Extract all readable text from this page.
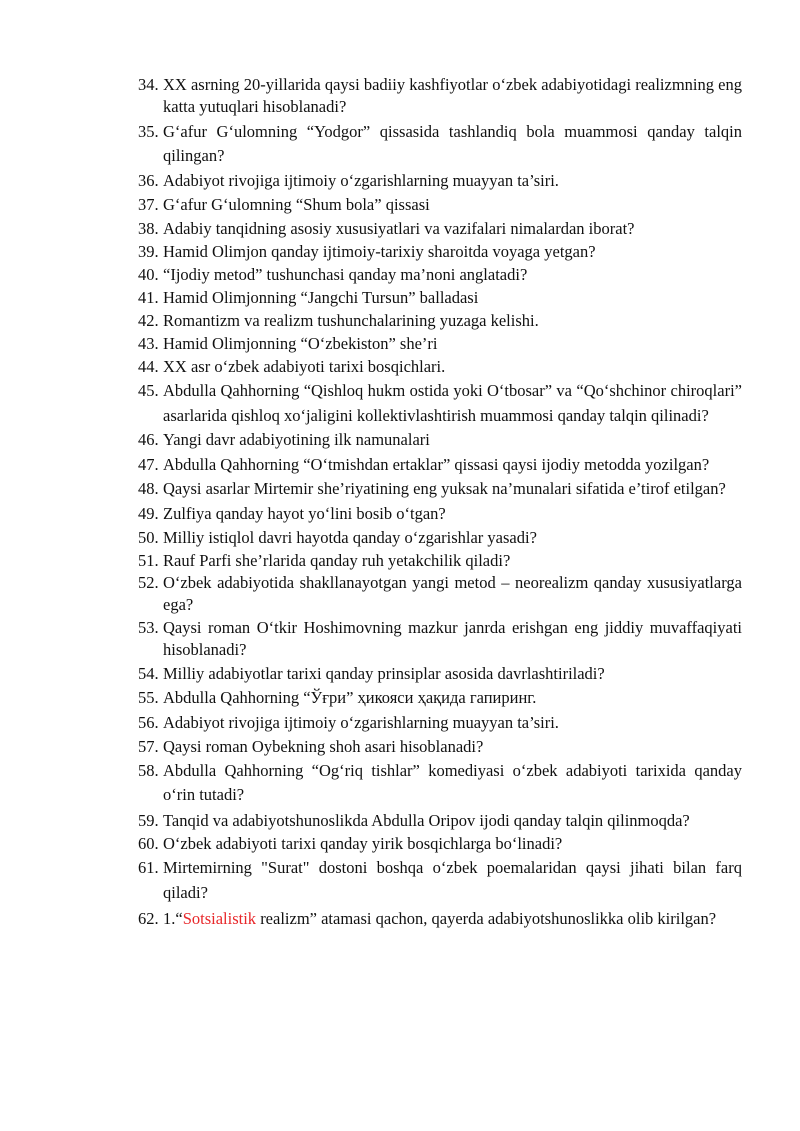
34. XX asrning 20-yillarida qaysi badiiy kashfiyotlar o‘zbek adabiyotidagi realizmning eng katta yutuqlari hisoblanadi?
35. G‘afur G‘ulomning “Yodgor” qissasida tashlandiq bola muammosi qanday talqin qilingan?
36. Adabiyot rivojiga ijtimoiy o‘zgarishlarning muayyan ta’siri.
37. G‘afur G‘ulomning “Shum bola” qissasi
38. Adabiy tanqidning asosiy xususiyatlari va vazifalari nimalardan iborat?
39. Hamid Olimjon qanday ijtimoiy-tarixiy sharoitda voyaga yetgan?
40. “Ijodiy metod” tushunchasi qanday ma’noni anglatadi?
41. Hamid Olimjonning “Jangchi Tursun” balladasi
42. Romantizm va realizm tushunchalarining yuzaga kelishi.
43. Hamid Olimjonning “O‘zbekiston” she’ri
44. XX asr o‘zbek adabiyoti tarixi bosqichlari.
45. Abdulla Qahhorning “Qishloq hukm ostida yoki O‘tbosar” va “Qo‘shchinor chiroqlari” asarlarida qishloq xo‘jaligini kollektivlashtirish muammosi qanday talqin qilinadi?
46. Yangi davr adabiyotining ilk namunalari
47. Abdulla Qahhorning “O‘tmishdan ertaklar” qissasi qaysi ijodiy metodda yozilgan?
48. Qaysi asarlar Mirtemir she’riyatining eng yuksak na’munalari sifatida e’tirof etilgan?
49. Zulfiya qanday hayot yo‘lini bosib o‘tgan?
50. Milliy istiqlol davri hayotda qanday o‘zgarishlar yasadi?
51. Rauf Parfi she’rlarida qanday ruh yetakchilik qiladi?
52. O‘zbek adabiyotida shakllanayotgan yangi metod – neorealizm qanday xususiyatlarga ega?
53. Qaysi roman O‘tkir Hoshimovning mazkur janrda erishgan eng jiddiy muvaffaqiyati hisoblanadi?
54. Milliy adabiyotlar tarixi qanday prinsiplar asosida davrlashtiriladi?
55. Abdulla Qahhorning “Ўғри” ҳикояси ҳақида гапиринг.
56. Adabiyot rivojiga ijtimoiy o‘zgarishlarning muayyan ta’siri.
57. Qaysi roman Oybekning shoh asari hisoblanadi?
58. Abdulla Qahhorning “Og‘riq tishlar” komediyasi o‘zbek adabiyoti tarixida qanday o‘rin tutadi?
59. Tanqid va adabiyotshunoslikda Abdulla Oripov ijodi qanday talqin qilinmoqda?
60. O‘zbek adabiyoti tarixi qanday yirik bosqichlarga bo‘linadi?
61. Mirtemirning "Surat" dostoni boshqa o‘zbek poemalaridan qaysi jihati bilan farq qiladi?
62. 1.“Sotsialistik realizm” atamasi qachon, qayerda adabiyotshunoslikka olib kirilgan?
